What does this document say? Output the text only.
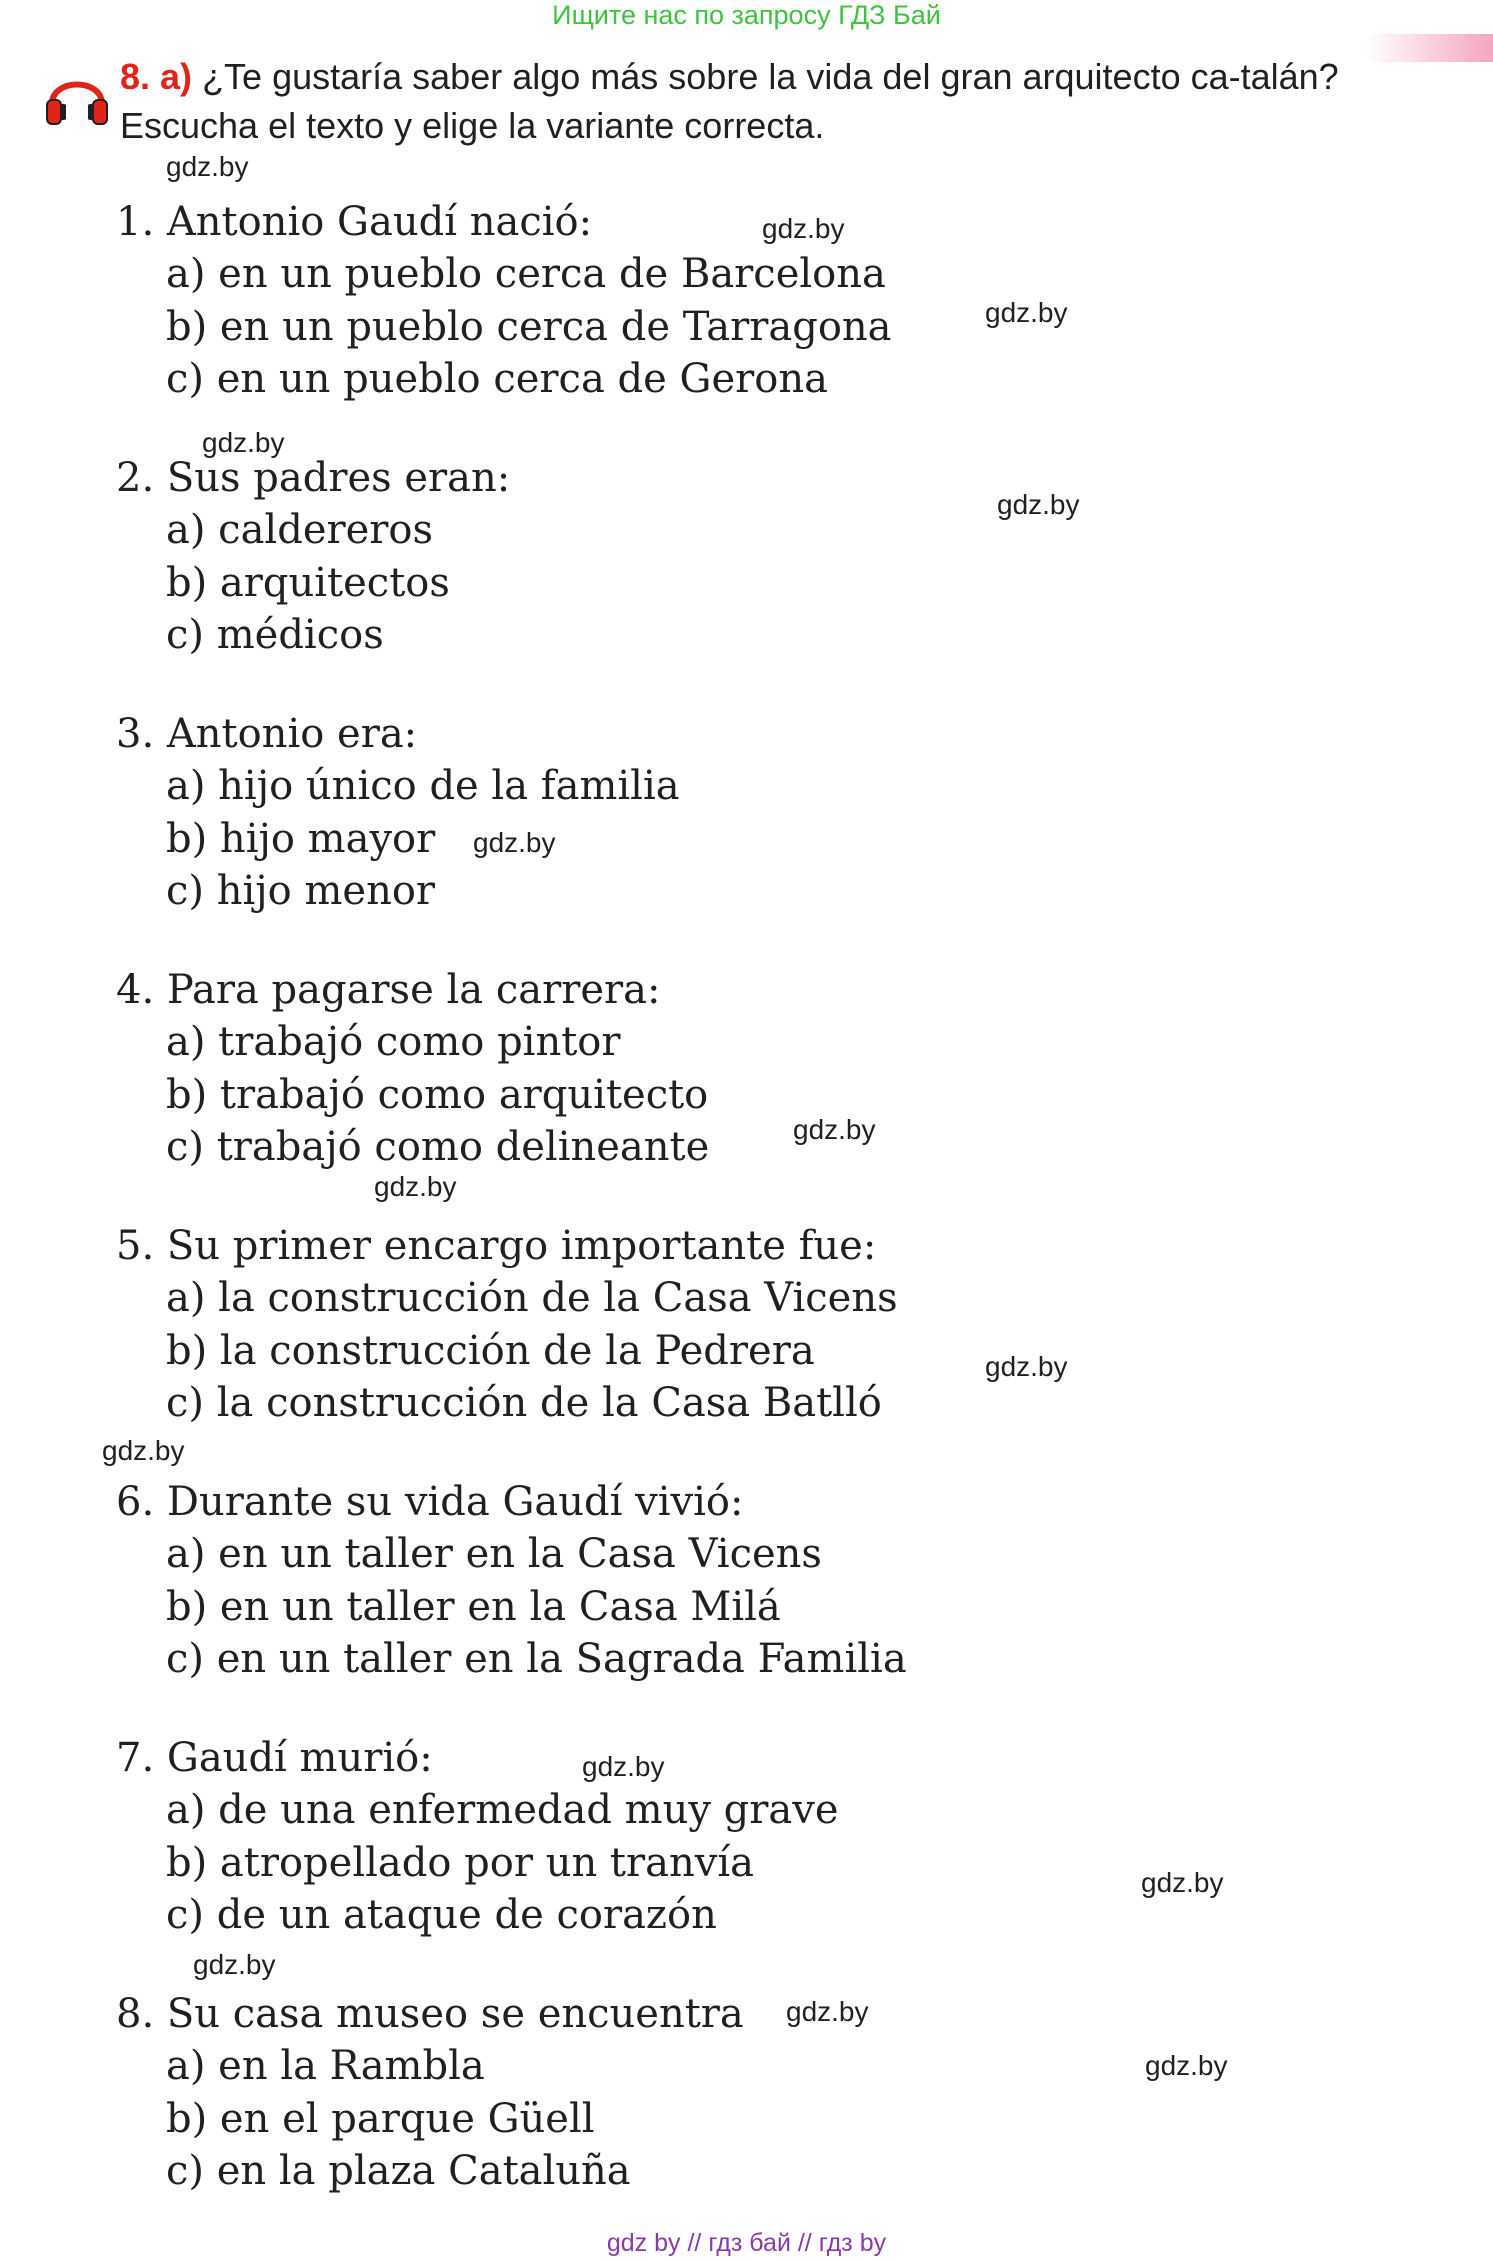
Ищите нас по запросу ГДЗ Бай
8. а) ¿Te gustaría saber algo más sobre la vida del gran arquitecto ca-talán? Escucha el texto y elige la variante correcta.
1. Antonio Gaudí nació:
a) en un pueblo cerca de Barcelona
b) en un pueblo cerca de Tarragona
c) en un pueblo cerca de Gerona
2. Sus padres eran:
a) caldereros
b) arquitectos
c) médicos
3. Antonio era:
a) hijo único de la familia
b) hijo mayor
c) hijo menor
4. Para pagarse la carrera:
a) trabajó como pintor
b) trabajó como arquitecto
c) trabajó como delineante
5. Su primer encargo importante fue:
a) la construcción de la Casa Vicens
b) la construcción de la Pedrera
c) la construcción de la Casa Batlló
6. Durante su vida Gaudí vivió:
a) en un taller en la Casa Vicens
b) en un taller en la Casa Milá
c) en un taller en la Sagrada Familia
7. Gaudí murió:
a) de una enfermedad muy grave
b) atropellado por un tranvía
c) de un ataque de corazón
8. Su casa museo se encuentra
a) en la Rambla
b) en el parque Güell
c) en la plaza Cataluña
gdz.by
gdz.by
gdz.by
gdz.by
gdz.by
gdz.by
gdz.by
gdz.by
gdz.by
gdz.by
gdz.by
gdz.by
gdz.by
gdz.by
gdz.by
gdz by // гдз бай // гдз by
